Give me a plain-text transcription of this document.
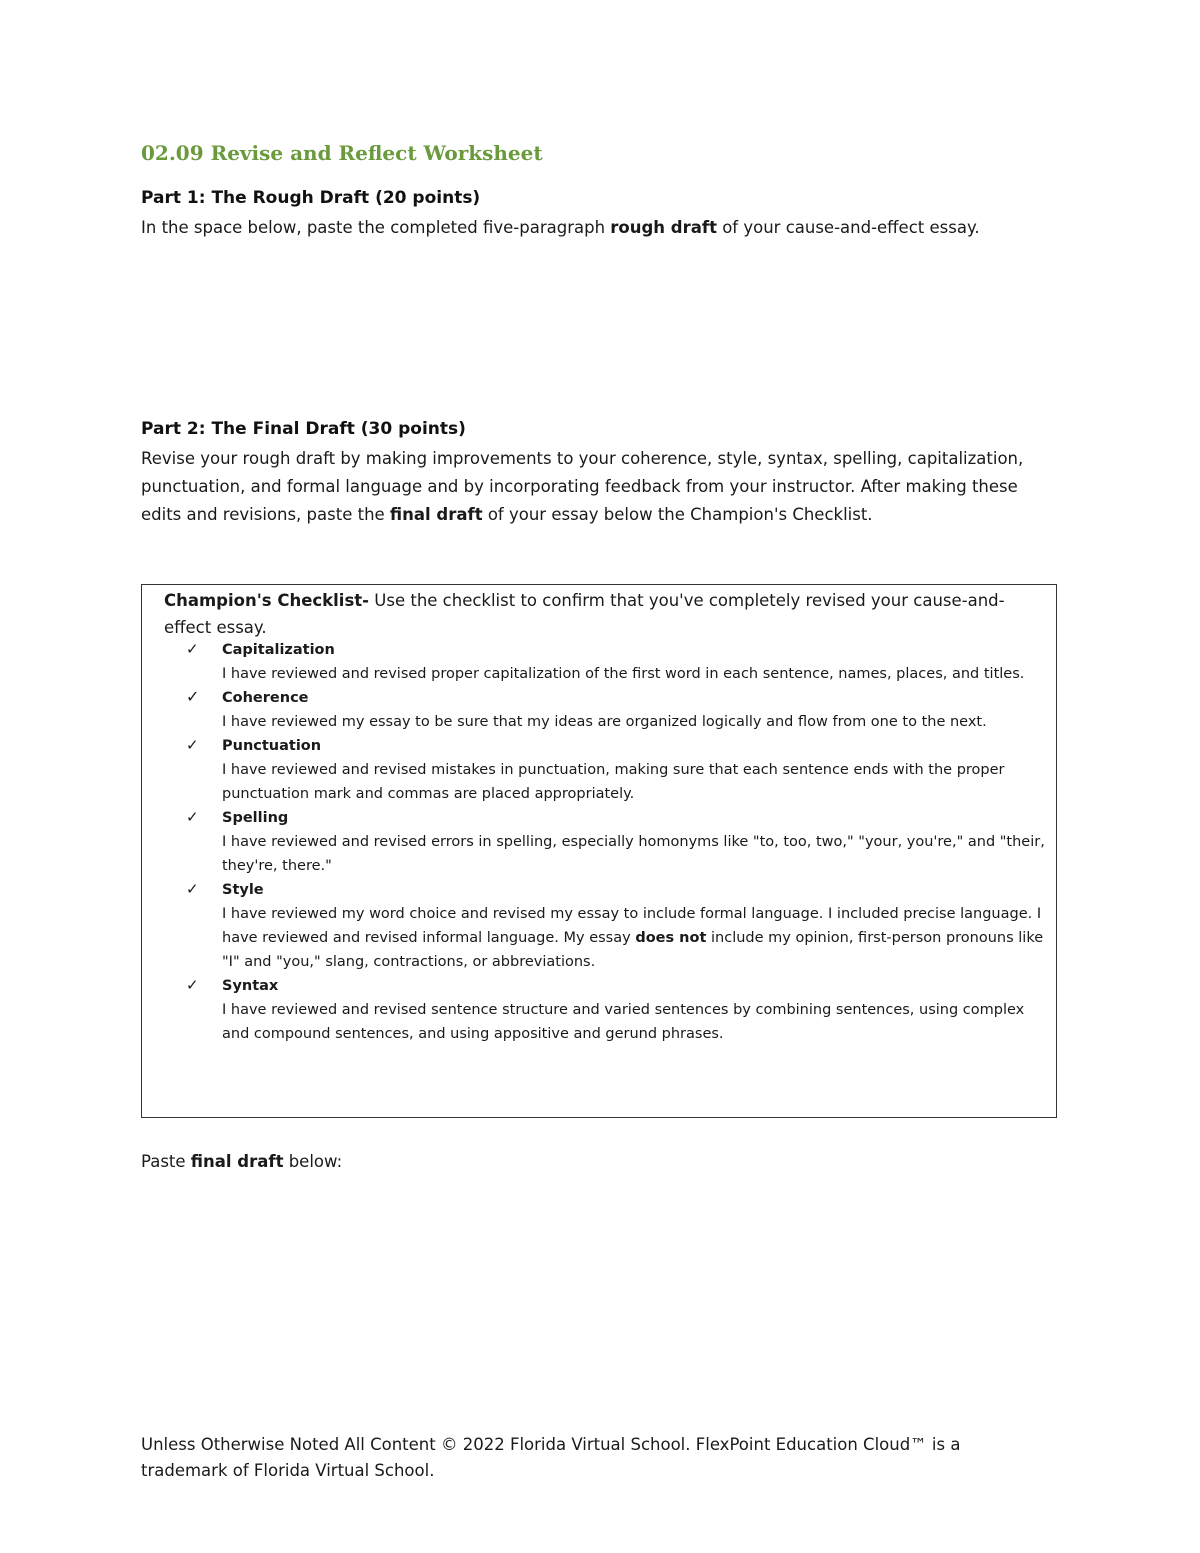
02.09 Revise and Reflect Worksheet
Part 1: The Rough Draft (20 points)
In the space below, paste the completed five-paragraph rough draft of your cause-and-effect essay.
Part 2: The Final Draft (30 points)
Revise your rough draft by making improvements to your coherence, style, syntax, spelling, capitalization, punctuation, and formal language and by incorporating feedback from your instructor. After making these edits and revisions, paste the final draft of your essay below the Champion's Checklist.
Champion's Checklist- Use the checklist to confirm that you've completely revised your cause-and-effect essay.
✓ Capitalization
I have reviewed and revised proper capitalization of the first word in each sentence, names, places, and titles.
✓ Coherence
I have reviewed my essay to be sure that my ideas are organized logically and flow from one to the next.
✓ Punctuation
I have reviewed and revised mistakes in punctuation, making sure that each sentence ends with the proper punctuation mark and commas are placed appropriately.
✓ Spelling
I have reviewed and revised errors in spelling, especially homonyms like "to, too, two," "your, you're," and "their, they're, there."
✓ Style
I have reviewed my word choice and revised my essay to include formal language. I included precise language. I have reviewed and revised informal language. My essay does not include my opinion, first-person pronouns like "I" and "you," slang, contractions, or abbreviations.
✓ Syntax
I have reviewed and revised sentence structure and varied sentences by combining sentences, using complex and compound sentences, and using appositive and gerund phrases.
Paste final draft below:
Unless Otherwise Noted All Content © 2022 Florida Virtual School. FlexPoint Education Cloud™ is a trademark of Florida Virtual School.
